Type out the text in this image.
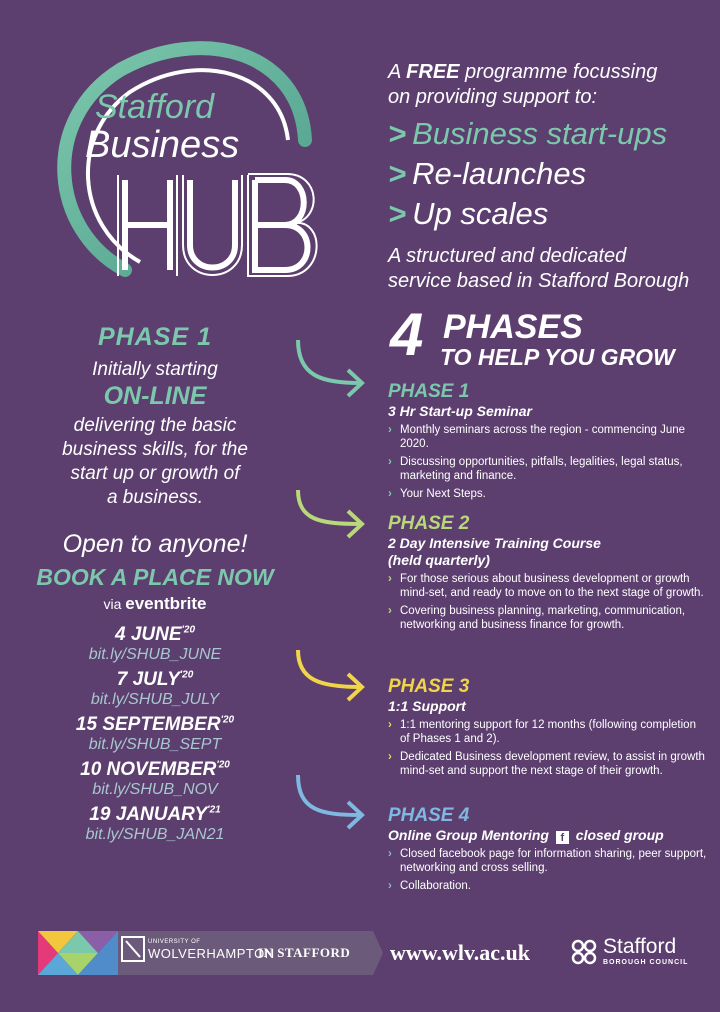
Stafford
Business
PHASE 1
Initially starting
ON-LINE
delivering the basic
business skills, for the
start up or growth of
a business.
Open to anyone!
BOOK A PLACE NOW
via eventbrite
4 $JUNE^{'20}$
bit.ly/SHUB_JUNE
7 $JULY^{'20}$
bit.ly/SHUB_JULY
15 $SEPTEMBER^{'20}$
bit.ly/SHUB_SEPT
10 $NOVEMBER^{'20}$
bit.ly/SHUB_NOV
19 $JANUARY^{'21}$
bit.ly/SHUB_JAN21
A FREE programme focussing
on providing support to:
> Business start-ups
> Re-launches
> Up scales
A structured and dedicated
service based in Stafford Borough
4 PHASES
TO HELP YOU GROW
PHASE 1
3 Hr Start-up Seminar
› Monthly seminars across the region - commencing June 2020.
› Discussing opportunities, pitfalls, legalities, legal status, marketing and finance.
› Your Next Steps.
PHASE 2
2 Day Intensive Training Course
(held quarterly)
› For those serious about business development or growth mind-set, and ready to move on to the next stage of growth.
› Covering business planning, marketing, communication, networking and business finance for growth.
PHASE 3
1:1 Support
› 1:1 mentoring support for 12 months (following completion of Phases 1 and 2).
› Dedicated Business development review, to assist in growth mind-set and support the next stage of their growth.
PHASE 4
Online Group Mentoring f closed group
› Closed facebook page for information sharing, peer support, networking and cross selling.
› Collaboration.
UNIVERSITY OF
WOLVERHAMPTON
IN STAFFORD www.wlv.ac.uk	Stafford
BOROUGH COUNCIL
